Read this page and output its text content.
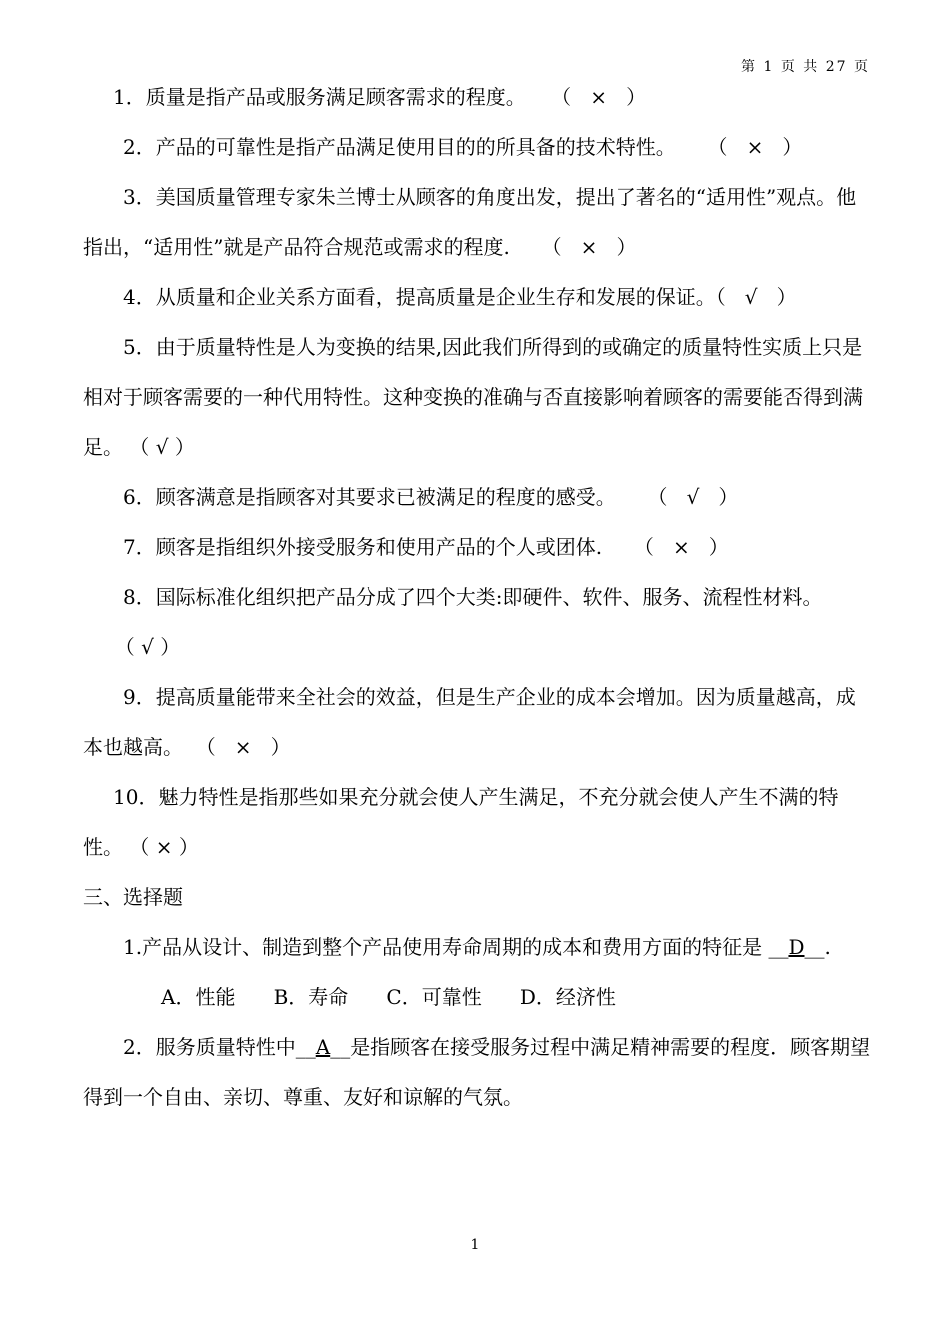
第 1 页 共 27 页

1．质量是指产品或服务满足顾客需求的程度。    （   ×   ）

2．产品的可靠性是指产品满足使用目的的所具备的技术特性。     （   ×   ）

3．美国质量管理专家朱兰博士从顾客的角度出发，提出了著名的“适用性”观点。他指出，“适用性”就是产品符合规范或需求的程度.     （   ×   ）

4．从质量和企业关系方面看，提高质量是企业生存和发展的保证。（   √   ）

5．由于质量特性是人为变换的结果,因此我们所得到的或确定的质量特性实质上只是相对于顾客需要的一种代用特性。这种变换的准确与否直接影响着顾客的需要能否得到满足。 （ √ ）

6．顾客满意是指顾客对其要求已被满足的程度的感受。     （   √   ）

7．顾客是指组织外接受服务和使用产品的个人或团体.     （   ×   ）

8．国际标准化组织把产品分成了四个大类:即硬件、软件、服务、流程性材料。     （ √ ）

9．提高质量能带来全社会的效益，但是生产企业的成本会增加。因为质量越高，成本也越高。  （   ×   ）

10．魅力特性是指那些如果充分就会使人产生满足，不充分就会使人产生不满的特性。 （ × ）

三、选择题

1.产品从设计、制造到整个产品使用寿命周期的成本和费用方面的特征是 __D__.

A．性能      B．寿命      C．可靠性      D．经济性

2．服务质量特性中__A__是指顾客在接受服务过程中满足精神需要的程度．顾客期望得到一个自由、亲切、尊重、友好和谅解的气氛。

1
